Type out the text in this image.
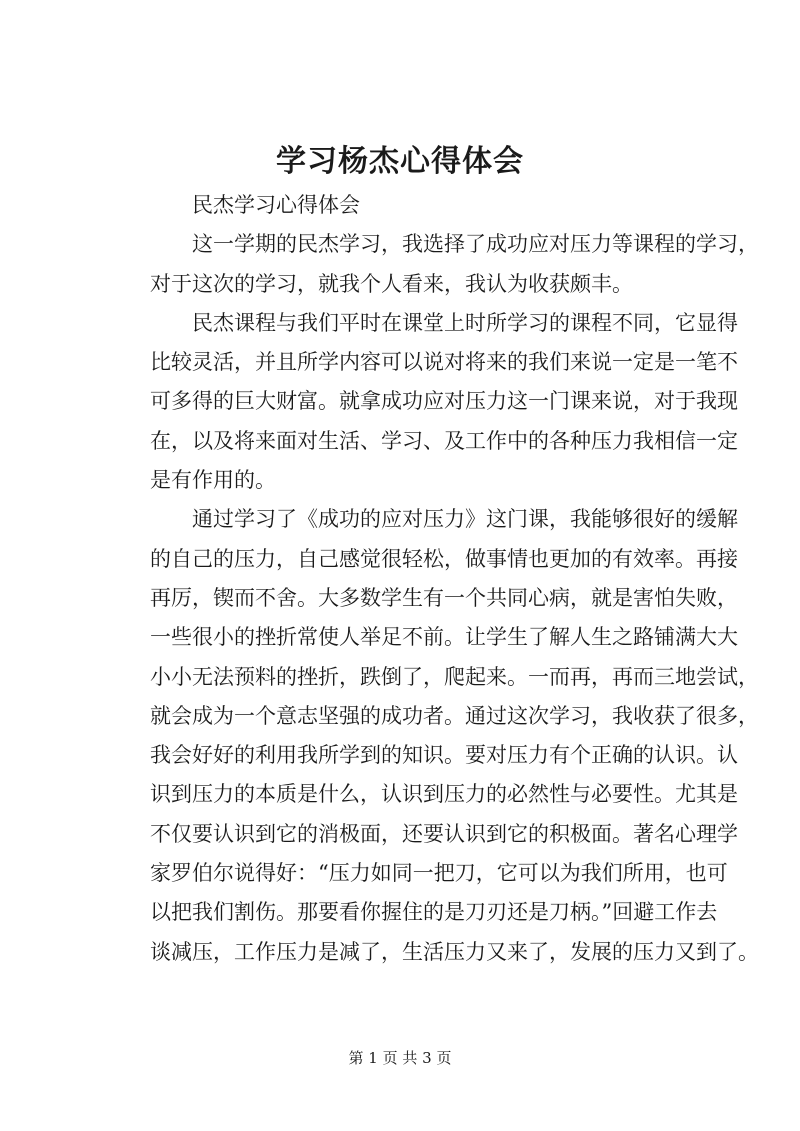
学习杨杰心得体会

民杰学习心得体会

这一学期的民杰学习，我选择了成功应对压力等课程的学习，
对于这次的学习，就我个人看来，我认为收获颇丰。

民杰课程与我们平时在课堂上时所学习的课程不同，它显得
比较灵活，并且所学内容可以说对将来的我们来说一定是一笔不
可多得的巨大财富。就拿成功应对压力这一门课来说，对于我现
在，以及将来面对生活、学习、及工作中的各种压力我相信一定
是有作用的。

通过学习了《成功的应对压力》这门课，我能够很好的缓解
的自己的压力，自己感觉很轻松，做事情也更加的有效率。再接
再厉，锲而不舍。大多数学生有一个共同心病，就是害怕失败，
一些很小的挫折常使人举足不前。让学生了解人生之路铺满大大
小小无法预料的挫折，跌倒了，爬起来。一而再，再而三地尝试，
就会成为一个意志坚强的成功者。通过这次学习，我收获了很多，
我会好好的利用我所学到的知识。要对压力有个正确的认识。认
识到压力的本质是什么，认识到压力的必然性与必要性。尤其是
不仅要认识到它的消极面，还要认识到它的积极面。著名心理学
家罗伯尔说得好：“压力如同一把刀，它可以为我们所用，也可
以把我们割伤。那要看你握住的是刀刃还是刀柄。”回避工作去
谈减压，工作压力是减了，生活压力又来了，发展的压力又到了。

第 1 页 共 3 页
